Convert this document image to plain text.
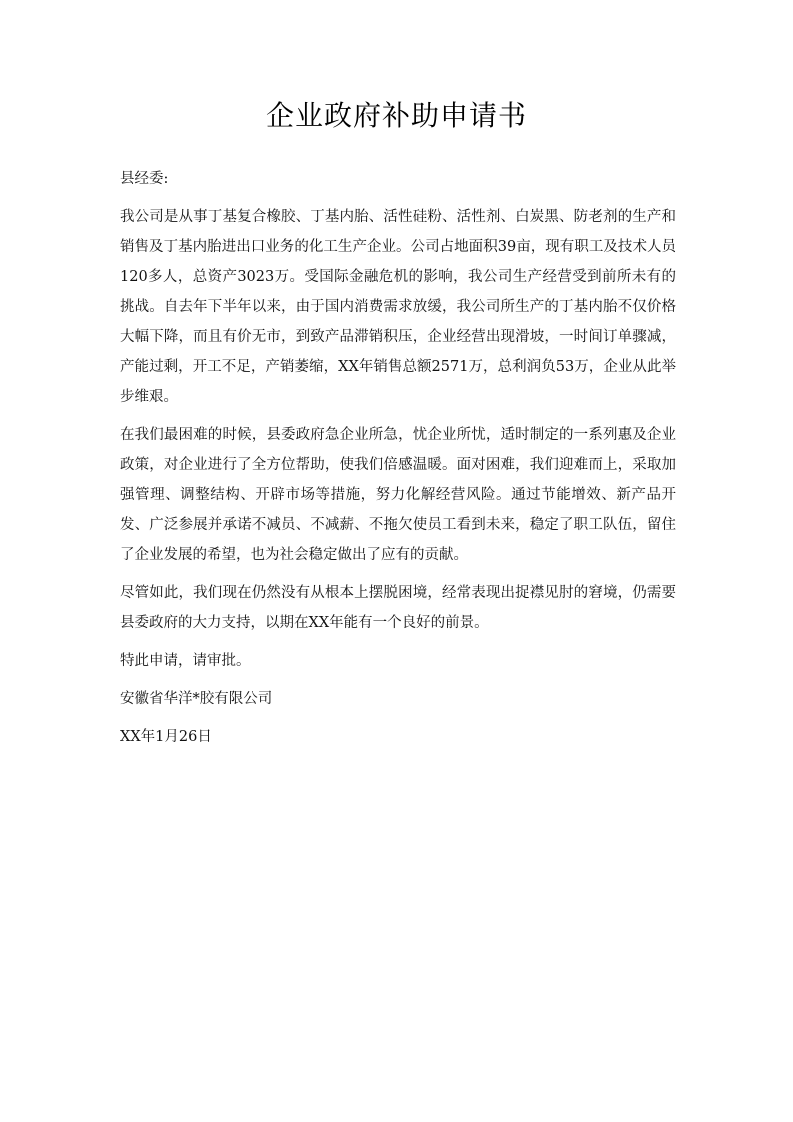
企业政府补助申请书

县经委:

我公司是从事丁基复合橡胶、丁基内胎、活性硅粉、活性剂、白炭黑、防老剂的生产和销售及丁基内胎进出口业务的化工生产企业。公司占地面积39亩，现有职工及技术人员120多人，总资产3023万。受国际金融危机的影响，我公司生产经营受到前所未有的挑战。自去年下半年以来，由于国内消费需求放缓，我公司所生产的丁基内胎不仅价格大幅下降，而且有价无市，到致产品滞销积压，企业经营出现滑坡，一时间订单骤减，产能过剩，开工不足，产销萎缩，XX年销售总额2571万，总利润负53万，企业从此举步维艰。

在我们最困难的时候，县委政府急企业所急，忧企业所忧，适时制定的一系列惠及企业政策，对企业进行了全方位帮助，使我们倍感温暖。面对困难，我们迎难而上，采取加强管理、调整结构、开辟市场等措施，努力化解经营风险。通过节能增效、新产品开发、广泛参展并承诺不减员、不减薪、不拖欠使员工看到未来，稳定了职工队伍，留住了企业发展的希望，也为社会稳定做出了应有的贡献。

尽管如此，我们现在仍然没有从根本上摆脱困境，经常表现出捉襟见肘的窘境，仍需要县委政府的大力支持，以期在XX年能有一个良好的前景。

特此申请，请审批。

安徽省华洋*胶有限公司

XX年1月26日
